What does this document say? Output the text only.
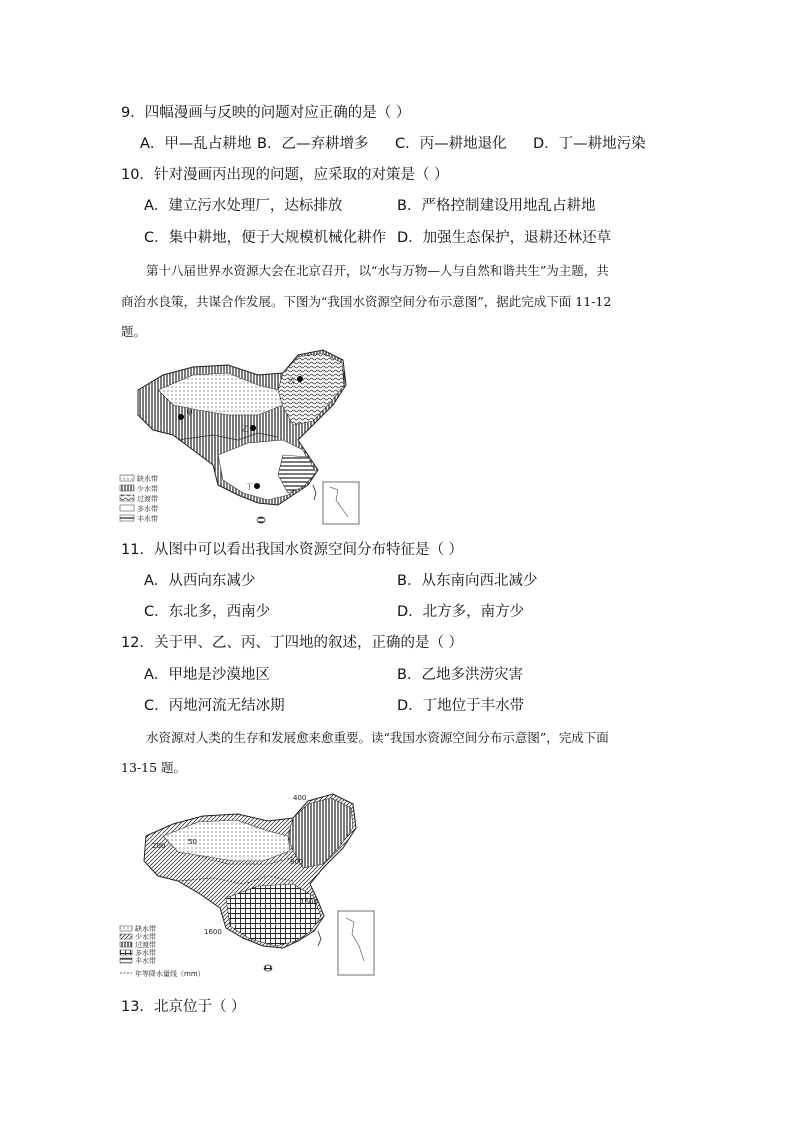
9．四幅漫画与反映的问题对应正确的是（ ）
A．甲—乱占耕地 B．乙—弃耕增多 C．丙—耕地退化 D．丁—耕地污染
10．针对漫画丙出现的问题，应采取的对策是（ ）
A．建立污水处理厂，达标排放	B．严格控制建设用地乱占耕地
C．集中耕地，便于大规模机械化耕作 D．加强生态保护，退耕还林还草
第十八届世界水资源大会在北京召开，以“水与万物—人与自然和谐共生”为主题，共
商治水良策，共谋合作发展。下图为“我国水资源空间分布示意图”，据此完成下面 11-12
题。
甲
乙
丙
丁
缺水带
少水带
过渡带
多水带
丰水带
11．从图中可以看出我国水资源空间分布特征是（ ）
A．从西向东减少	B．从东南向西北减少
C．东北多，西南少	D．北方多，南方少
12．关于甲、乙、丙、丁四地的叙述，正确的是（ ）
A．甲地是沙漠地区	B．乙地多洪涝灾害
C．丙地河流无结冰期	D．丁地位于丰水带
水资源对人类的生存和发展愈来愈重要。读“我国水资源空间分布示意图”，完成下面
13-15 题。
400
800
1600
200	50
1600
缺水带
少水带
过渡带
多水带
丰水带
年等降水量线（mm）
13．北京位于（ ）
